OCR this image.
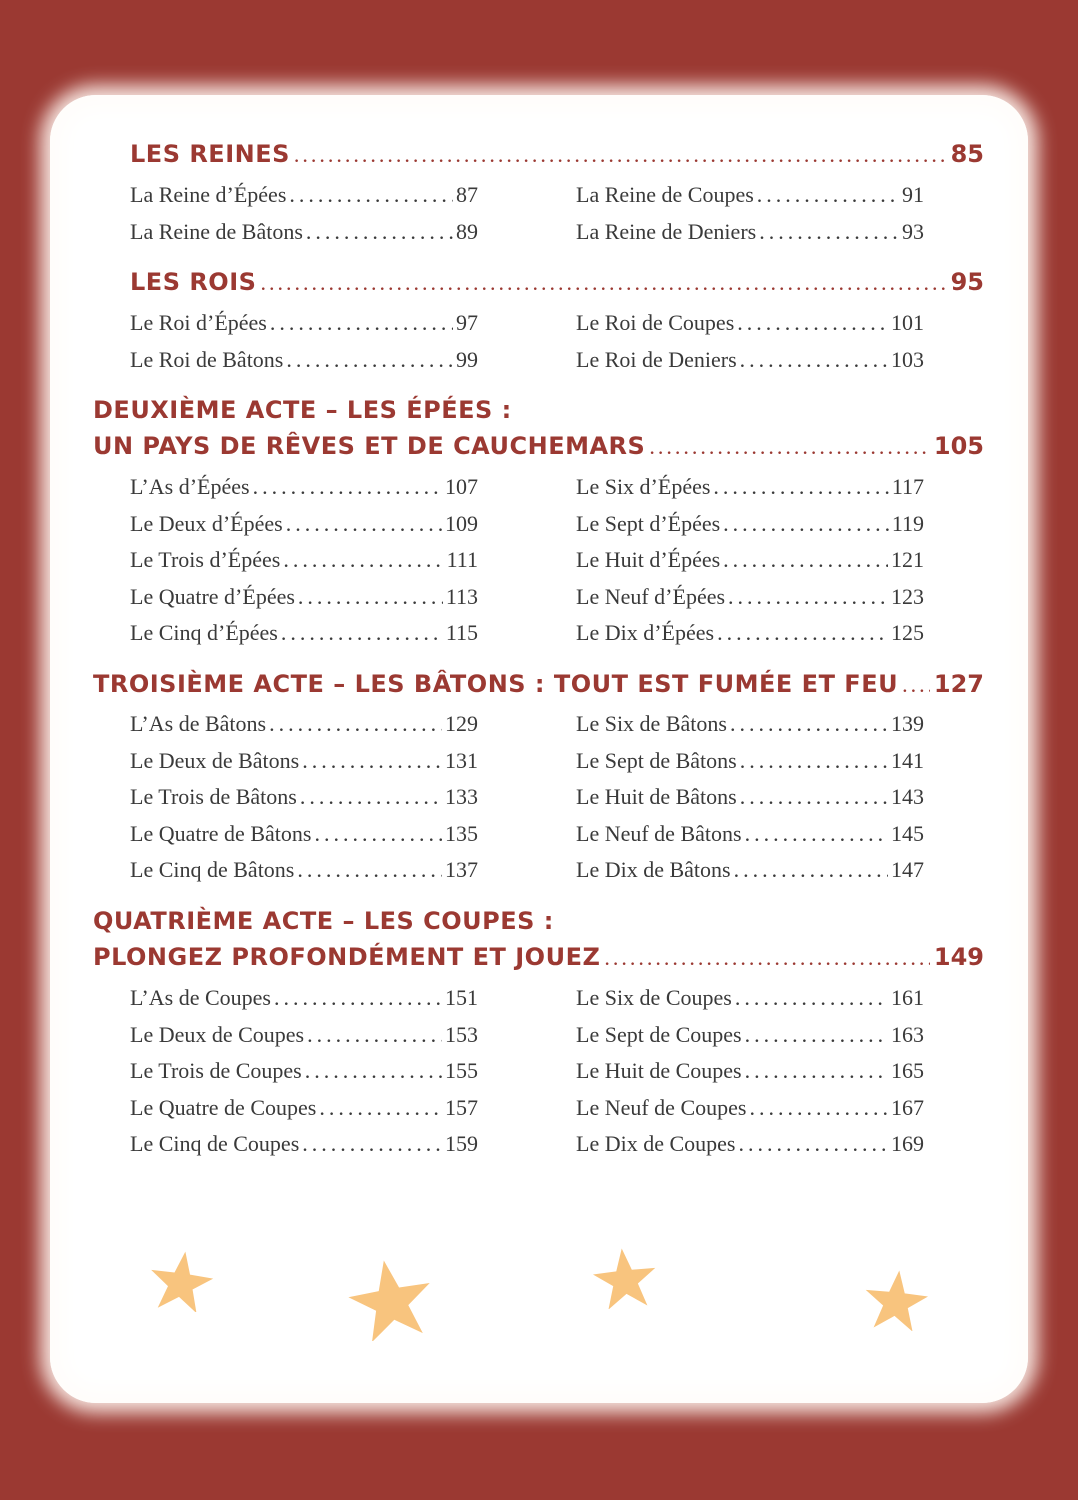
LES REINES .....	85
LES ROIS .....	95
DEUXIÈME ACTE – LES ÉPÉES :
UN PAYS DE RÊVES ET DE CAUCHEMARS .....	105
TROISIÈME ACTE – LES BÂTONS : TOUT EST FUMÉE ET FEU ..... 127
QUATRIÈME ACTE – LES COUPES :
PLONGEZ PROFONDÉMENT ET JOUEZ .....	149
La Reine d’Épées .....	87
La Reine de Bâtons .....	89
La Reine de Coupes .....	91
La Reine de Deniers .....	93
Le Roi d’Épées .....	97
Le Roi de Bâtons .....	99
Le Roi de Coupes .....	101
Le Roi de Deniers .....	103
L’As d’Épées .....	107
Le Deux d’Épées .....	109
Le Trois d’Épées .....	111
Le Quatre d’Épées .....	113
Le Cinq d’Épées .....	115
Le Six d’Épées .....	117
Le Sept d’Épées .....	119
Le Huit d’Épées .....	121
Le Neuf d’Épées .....	123
Le Dix d’Épées .....	125
L’As de Bâtons .....	129
Le Deux de Bâtons .....	131
Le Trois de Bâtons .....	133
Le Quatre de Bâtons .....	135
Le Cinq de Bâtons .....	137
Le Six de Bâtons .....	139
Le Sept de Bâtons .....	141
Le Huit de Bâtons .....	143
Le Neuf de Bâtons .....	145
Le Dix de Bâtons .....	147
L’As de Coupes .....	151
Le Deux de Coupes .....	153
Le Trois de Coupes .....	155
Le Quatre de Coupes .....	157
Le Cinq de Coupes .....	159
Le Six de Coupes .....	161
Le Sept de Coupes .....	163
Le Huit de Coupes .....	165
Le Neuf de Coupes .....	167
Le Dix de Coupes .....	169
